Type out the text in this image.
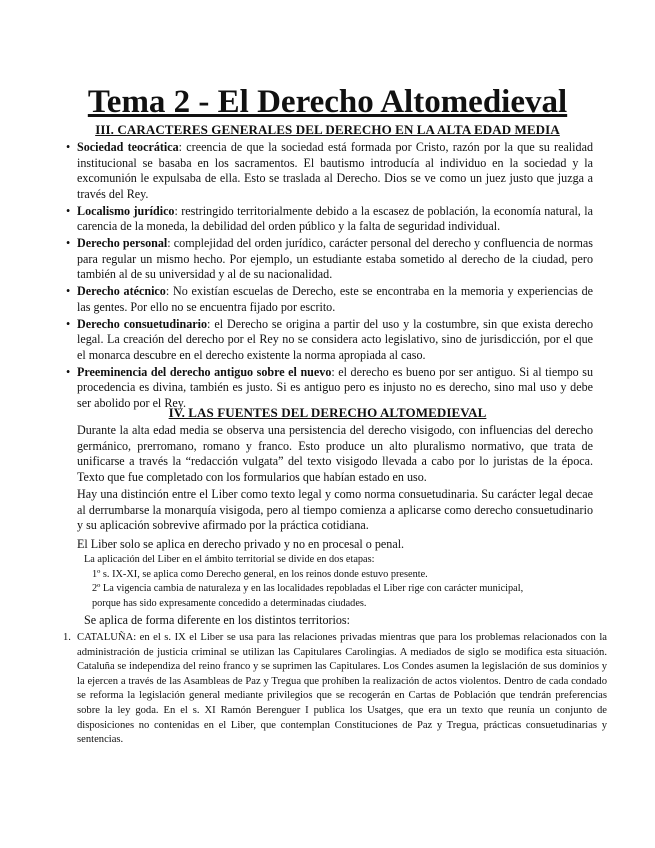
Tema 2 - El Derecho Altomedieval
III. CARACTERES GENERALES DEL DERECHO EN LA ALTA EDAD MEDIA
• Sociedad teocrática: creencia de que la sociedad está formada por Cristo, razón por la que su realidad institucional se basaba en los sacramentos. El bautismo introducía al individuo en la sociedad y la excomunión le expulsaba de ella. Esto se traslada al Derecho. Dios se ve como un juez justo que juzga a través del Rey.
• Localismo jurídico: restringido territorialmente debido a la escasez de población, la economía natural, la carencia de la moneda, la debilidad del orden público y la falta de seguridad individual.
• Derecho personal: complejidad del orden jurídico, carácter personal del derecho y confluencia de normas para regular un mismo hecho. Por ejemplo, un estudiante estaba sometido al derecho de la ciudad, pero también al de su universidad y al de su nacionalidad.
• Derecho atécnico: No existían escuelas de Derecho, este se encontraba en la memoria y experiencias de las gentes. Por ello no se encuentra fijado por escrito.
• Derecho consuetudinario: el Derecho se origina a partir del uso y la costumbre, sin que exista derecho legal. La creación del derecho por el Rey no se considera acto legislativo, sino de jurisdicción, por el que el monarca descubre en el derecho existente la norma apropiada al caso.
• Preeminencia del derecho antiguo sobre el nuevo: el derecho es bueno por ser antiguo. Si al tiempo su procedencia es divina, también es justo. Si es antiguo pero es injusto no es derecho, sino mal uso y debe ser abolido por el Rey.
IV. LAS FUENTES DEL DERECHO ALTOMEDIEVAL

Durante la alta edad media se observa una persistencia del derecho visigodo, con influencias del derecho germánico, prerromano, romano y franco. Esto produce un alto pluralismo normativo, que trata de unificarse a través la “redacción vulgata” del texto visigodo llevada a cabo por lo juristas de la época. Texto que fue completado con los formularios que habían estado en uso.

Hay una distinción entre el Liber como texto legal y como norma consuetudinaria. Su carácter legal decae al derrumbarse la monarquía visigoda, pero al tiempo comienza a aplicarse como derecho consuetudinario y su aplicación sobrevive afirmado por la práctica cotidiana.

El Liber solo se aplica en derecho privado y no en procesal o penal.

La aplicación del Liber en el ámbito territorial se divide en dos etapas:

1º s. IX-XI, se aplica como Derecho general, en los reinos donde estuvo presente.

2º La vigencia cambia de naturaleza y en las localidades repobladas el Liber rige con carácter municipal,

porque has sido expresamente concedido a determinadas ciudades.

Se aplica de forma diferente en los distintos territorios:

1. CATALUÑA: en el s. IX el Liber se usa para las relaciones privadas mientras que para los problemas relacionados con la administración de justicia criminal se utilizan las Capitulares Carolingias. A mediados de siglo se modifica esta situación. Cataluña se independiza del reino franco y se suprimen las Capitulares. Los Condes asumen la legislación de sus dominios y la ejercen a través de las Asambleas de Paz y Tregua que prohíben la realización de actos violentos. Dentro de cada condado se reforma la legislación general mediante privilegios que se recogerán en Cartas de Población que tendrán preferencias sobre la ley goda. En el s. XI Ramón Berenguer I publica los Usatges, que era un texto que reunía un conjunto de disposiciones no contenidas en el Liber, que contemplan Constituciones de Paz y Tregua, prácticas consuetudinarias y sentencias.
